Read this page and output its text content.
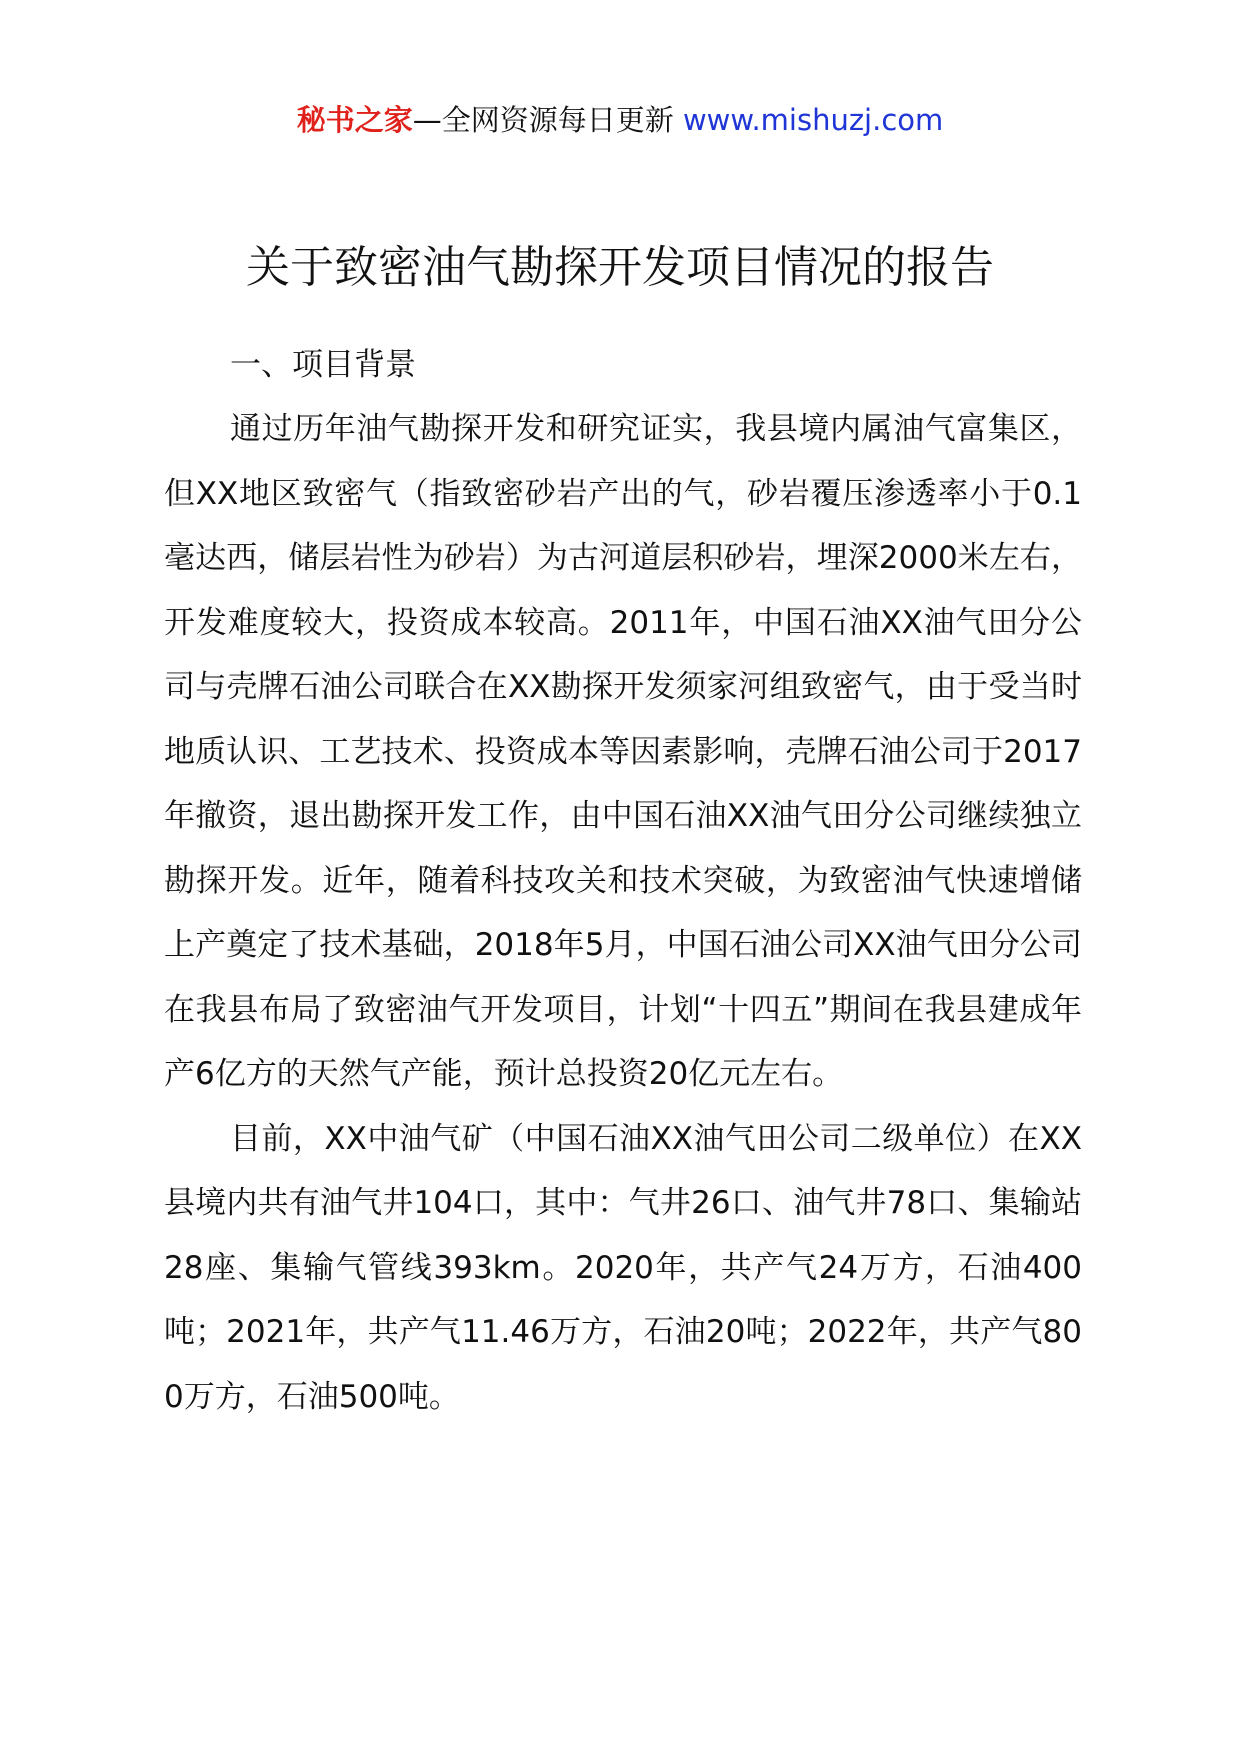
秘书之家—全网资源每日更新 www.mishuzj.com
关于致密油气勘探开发项目情况的报告
一、项目背景

通过历年油气勘探开发和研究证实，我县境内属油气富集区，但XX地区致密气（指致密砂岩产出的气，砂岩覆压渗透率小于0.1毫达西，储层岩性为砂岩）为古河道层积砂岩，埋深2000米左右，开发难度较大，投资成本较高。2011年，中国石油XX油气田分公司与壳牌石油公司联合在XX勘探开发须家河组致密气，由于受当时地质认识、工艺技术、投资成本等因素影响，壳牌石油公司于2017年撤资，退出勘探开发工作，由中国石油XX油气田分公司继续独立勘探开发。近年，随着科技攻关和技术突破，为致密油气快速增储上产奠定了技术基础，2018年5月，中国石油公司XX油气田分公司在我县布局了致密油气开发项目，计划“十四五”期间在我县建成年产6亿方的天然气产能，预计总投资20亿元左右。

目前，XX中油气矿（中国石油XX油气田公司二级单位）在XX县境内共有油气井104口，其中：气井26口、油气井78口、集输站28座、集输气管线393km。2020年，共产气24万方，石油400吨；2021年，共产气11.46万方，石油20吨；2022年，共产气800万方，石油500吨。
